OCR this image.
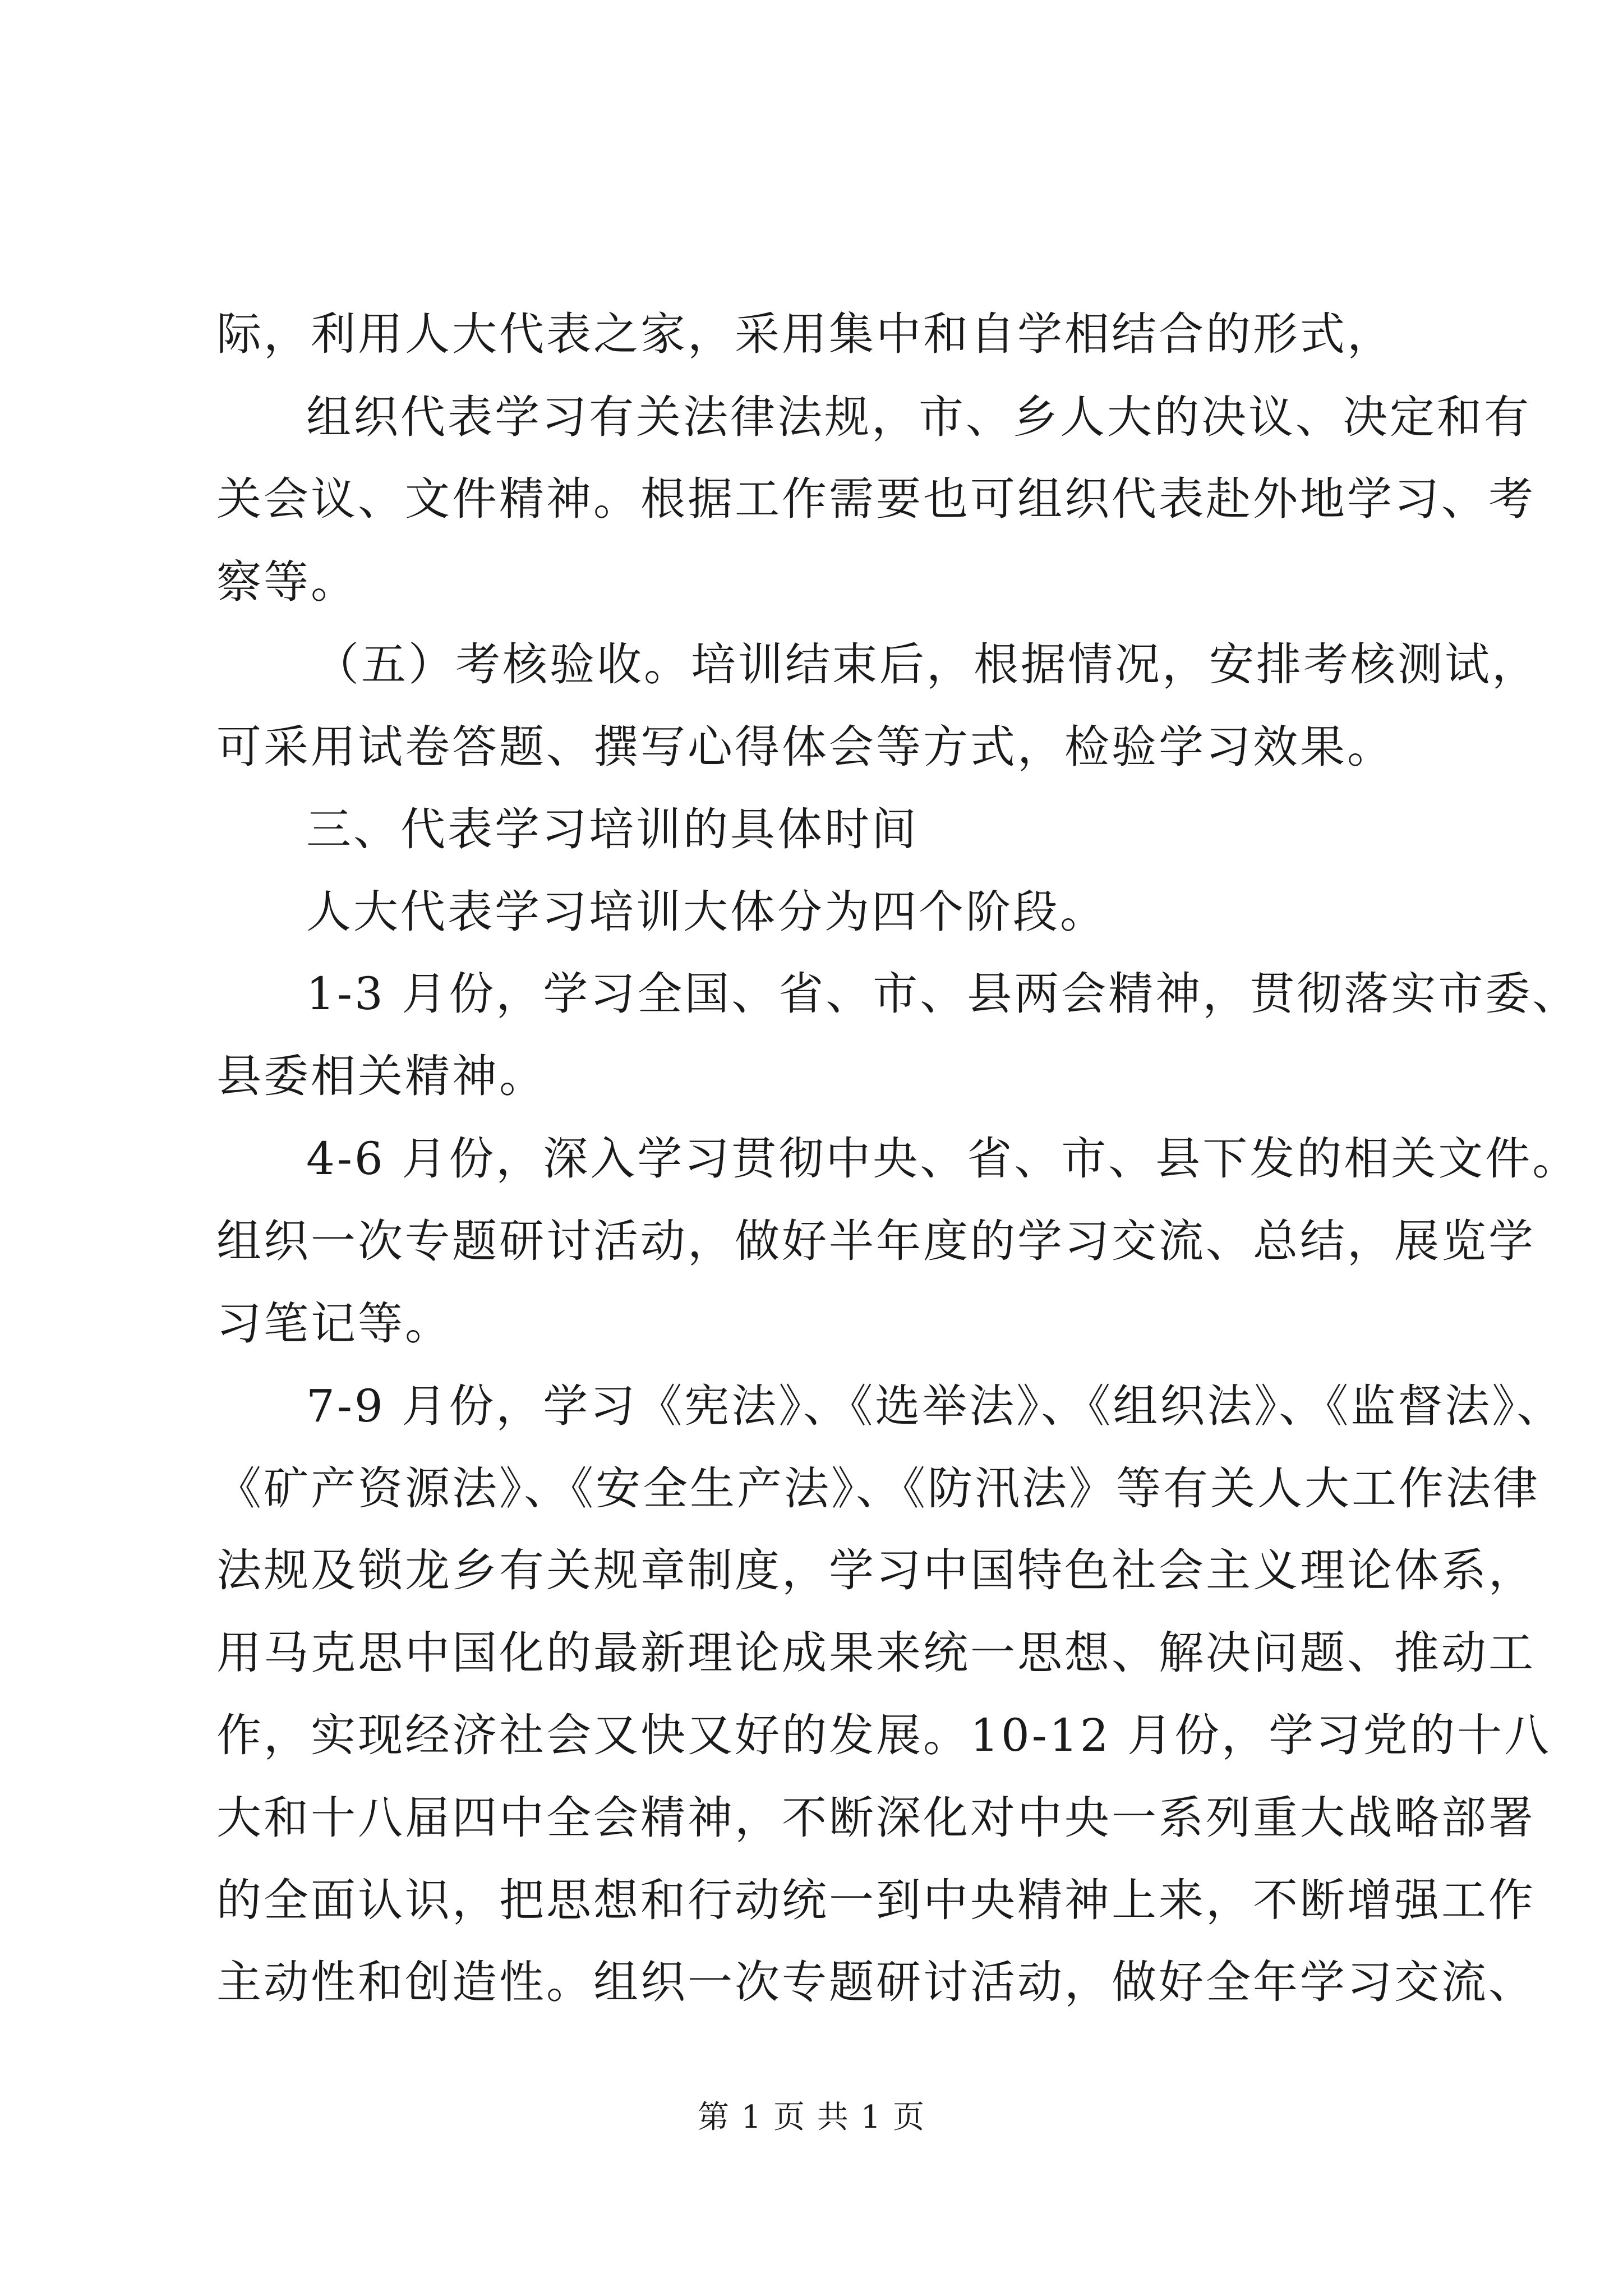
际，利用人大代表之家，采用集中和自学相结合的形式，
组织代表学习有关法律法规，市、乡人大的决议、决定和有
关会议、文件精神。根据工作需要也可组织代表赴外地学习、考
察等。
（五）考核验收。培训结束后，根据情况，安排考核测试，
可采用试卷答题、撰写心得体会等方式，检验学习效果。
三、代表学习培训的具体时间
人大代表学习培训大体分为四个阶段。
1-3 月份，学习全国、省、市、县两会精神，贯彻落实市委、
县委相关精神。
4-6 月份，深入学习贯彻中央、省、市、县下发的相关文件。
组织一次专题研讨活动，做好半年度的学习交流、总结，展览学
习笔记等。
7-9 月份，学习《宪法》、《选举法》、《组织法》、《监督法》、
《矿产资源法》、《安全生产法》、《防汛法》等有关人大工作法律
法规及锁龙乡有关规章制度，学习中国特色社会主义理论体系，
用马克思中国化的最新理论成果来统一思想、解决问题、推动工
作，实现经济社会又快又好的发展。10-12 月份，学习党的十八
大和十八届四中全会精神，不断深化对中央一系列重大战略部署
的全面认识，把思想和行动统一到中央精神上来，不断增强工作
主动性和创造性。组织一次专题研讨活动，做好全年学习交流、
第 1 页 共 1 页
